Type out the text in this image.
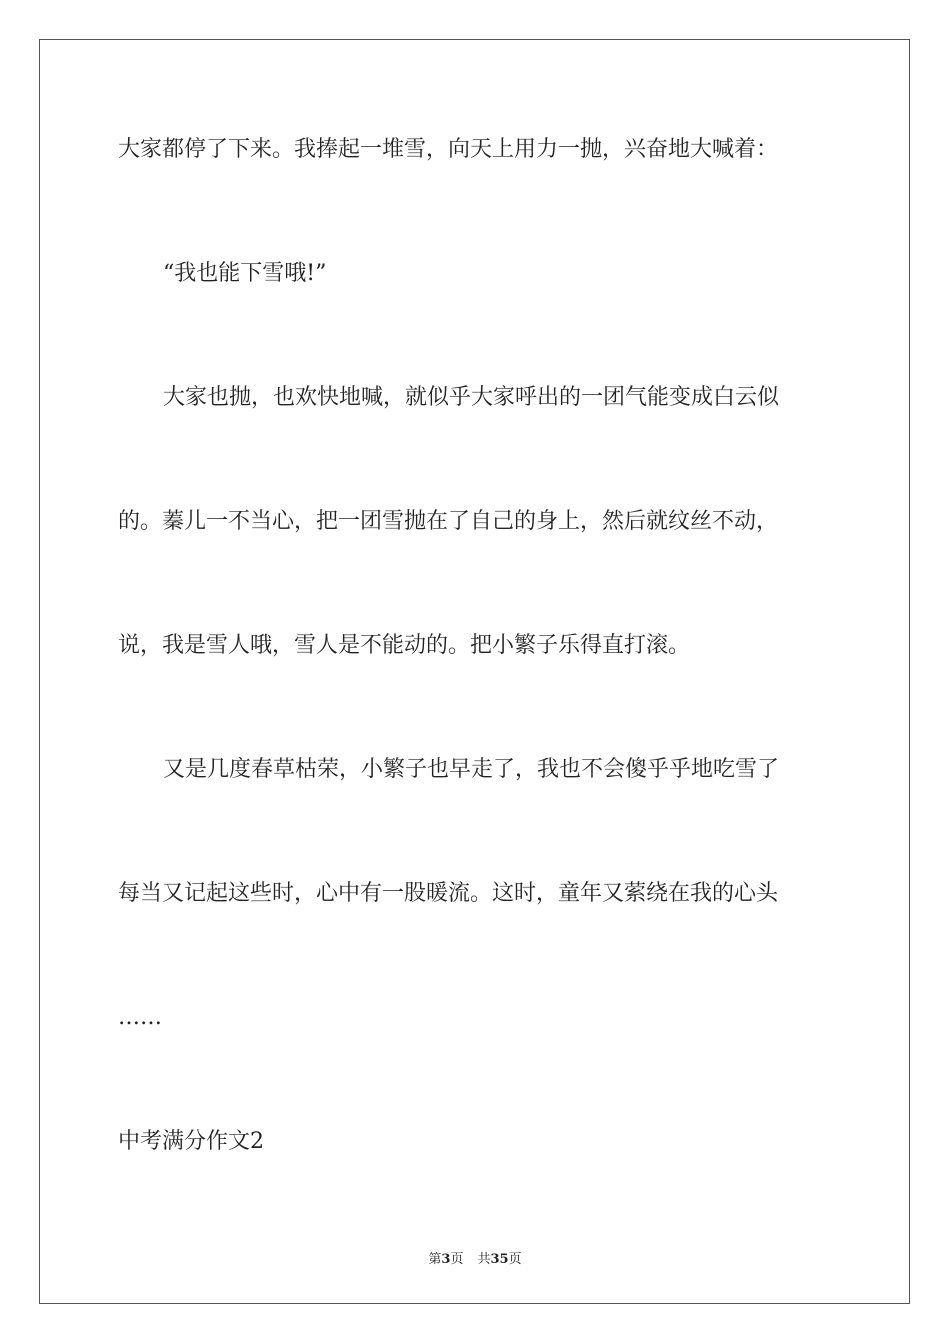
大家都停了下来。我捧起一堆雪，向天上用力一抛，兴奋地大喊着：

“我也能下雪哦!”

大家也抛，也欢快地喊，就似乎大家呼出的一团气能变成白云似

的。蓁儿一不当心，把一团雪抛在了自己的身上，然后就纹丝不动，

说，我是雪人哦，雪人是不能动的。把小繁子乐得直打滚。

又是几度春草枯荣，小繁子也早走了，我也不会傻乎乎地吃雪了

每当又记起这些时，心中有一股暖流。这时，童年又萦绕在我的心头

……

中考满分作文2

第3页 共35页
